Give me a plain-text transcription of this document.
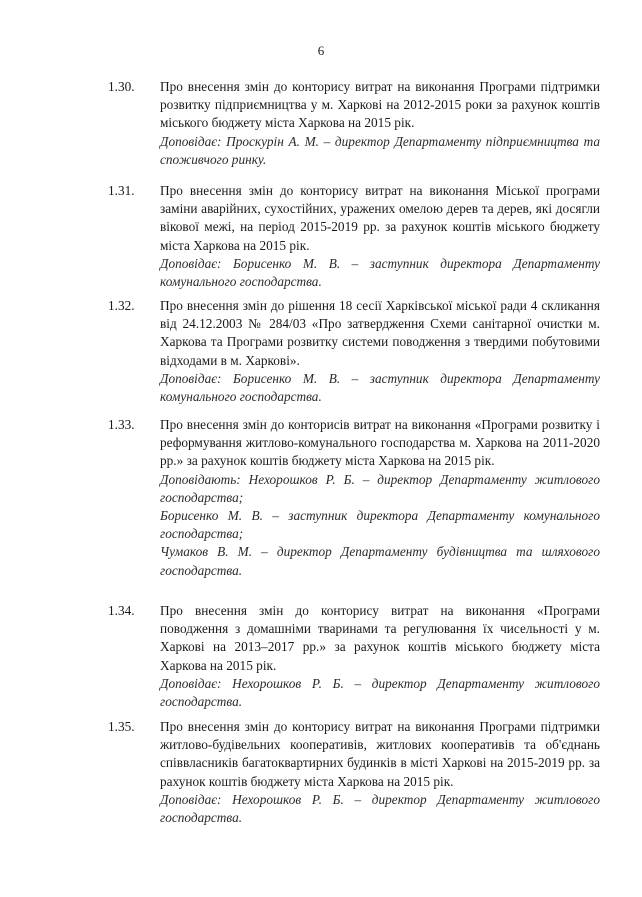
6
1.30.	Про внесення змін до конторису витрат на виконання Програми підтримки розвитку підприємництва у м. Харкові на 2012-2015 роки за рахунок коштів міського бюджету міста Харкова на 2015 рік.

Доповідає: Проскурін А. М. – директор Департаменту підприємництва та споживчого ринку.

1.31.	Про внесення змін до конторису витрат на виконання Міської програми заміни аварійних, сухостійних, уражених омелою дерев та дерев, які досягли вікової межі, на період 2015-2019 рр. за рахунок коштів міського бюджету міста Харкова на 2015 рік.

Доповідає: Борисенко М. В. – заступник директора Департаменту комунального господарства.

1.32.	Про внесення змін до рішення 18 сесії Харківської міської ради 4 скликання від 24.12.2003 № 284/03 «Про затвердження Схеми санітарної очистки м. Харкова та Програми розвитку системи поводження з твердими побутовими відходами в м. Харкові».

Доповідає: Борисенко М. В. – заступник директора Департаменту комунального господарства.

1.33.	Про внесення змін до конторисів витрат на виконання «Програми розвитку і реформування житлово-комунального господарства м. Харкова на 2011-2020 рр.» за рахунок коштів бюджету міста Харкова на 2015 рік.

Доповідають: Нехорошков Р. Б. – директор Департаменту житлового господарства;

Борисенко М. В. – заступник директора Департаменту комунального господарства;

Чумаков В. М. – директор Департаменту будівництва та шляхового господарства.

1.34.	Про внесення змін до конторису витрат на виконання «Програми поводження з домашніми тваринами та регулювання їх чисельності у м. Харкові на 2013–2017 рр.» за рахунок коштів міського бюджету міста Харкова на 2015 рік.

Доповідає: Нехорошков Р. Б. – директор Департаменту житлового господарства.

1.35.	Про внесення змін до конторису витрат на виконання Програми підтримки житлово-будівельних кооперативів, житлових кооперативів та об'єднань співвласників багатоквартирних будинків в місті Харкові на 2015-2019 рр. за рахунок коштів бюджету міста Харкова на 2015 рік.

Доповідає: Нехорошков Р. Б. – директор Департаменту житлового господарства.
